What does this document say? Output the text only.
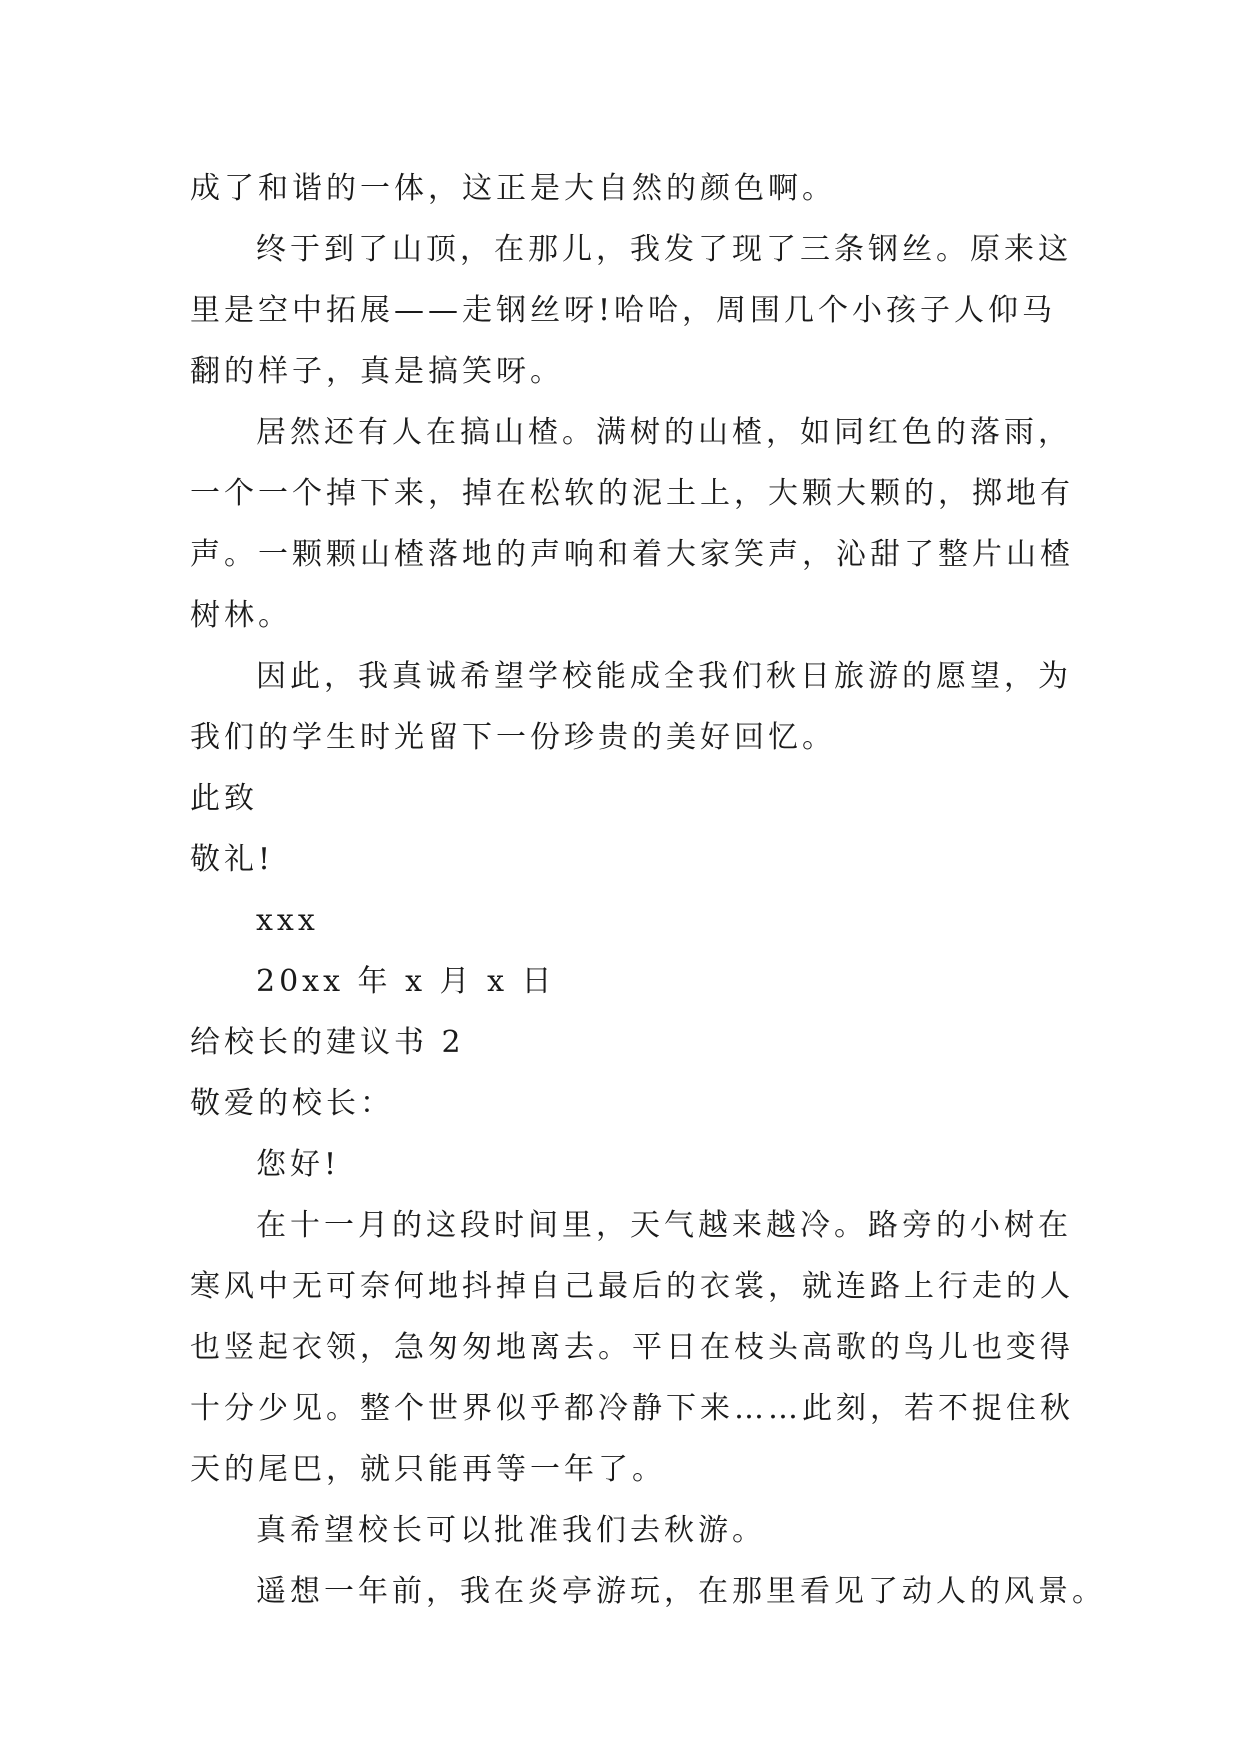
成了和谐的一体，这正是大自然的颜色啊。
终于到了山顶，在那儿，我发了现了三条钢丝。原来这
里是空中拓展——走钢丝呀!哈哈，周围几个小孩子人仰马
翻的样子，真是搞笑呀。
居然还有人在搞山楂。满树的山楂，如同红色的落雨，
一个一个掉下来，掉在松软的泥土上，大颗大颗的，掷地有
声。一颗颗山楂落地的声响和着大家笑声，沁甜了整片山楂
树林。
因此，我真诚希望学校能成全我们秋日旅游的愿望，为
我们的学生时光留下一份珍贵的美好回忆。
此致
敬礼!
xxx
20xx 年 x 月 x 日
给校长的建议书 2
敬爱的校长：
您好!
在十一月的这段时间里，天气越来越冷。路旁的小树在
寒风中无可奈何地抖掉自己最后的衣裳，就连路上行走的人
也竖起衣领，急匆匆地离去。平日在枝头高歌的鸟儿也变得
十分少见。整个世界似乎都冷静下来……此刻，若不捉住秋
天的尾巴，就只能再等一年了。
真希望校长可以批准我们去秋游。
遥想一年前，我在炎亭游玩，在那里看见了动人的风景。
